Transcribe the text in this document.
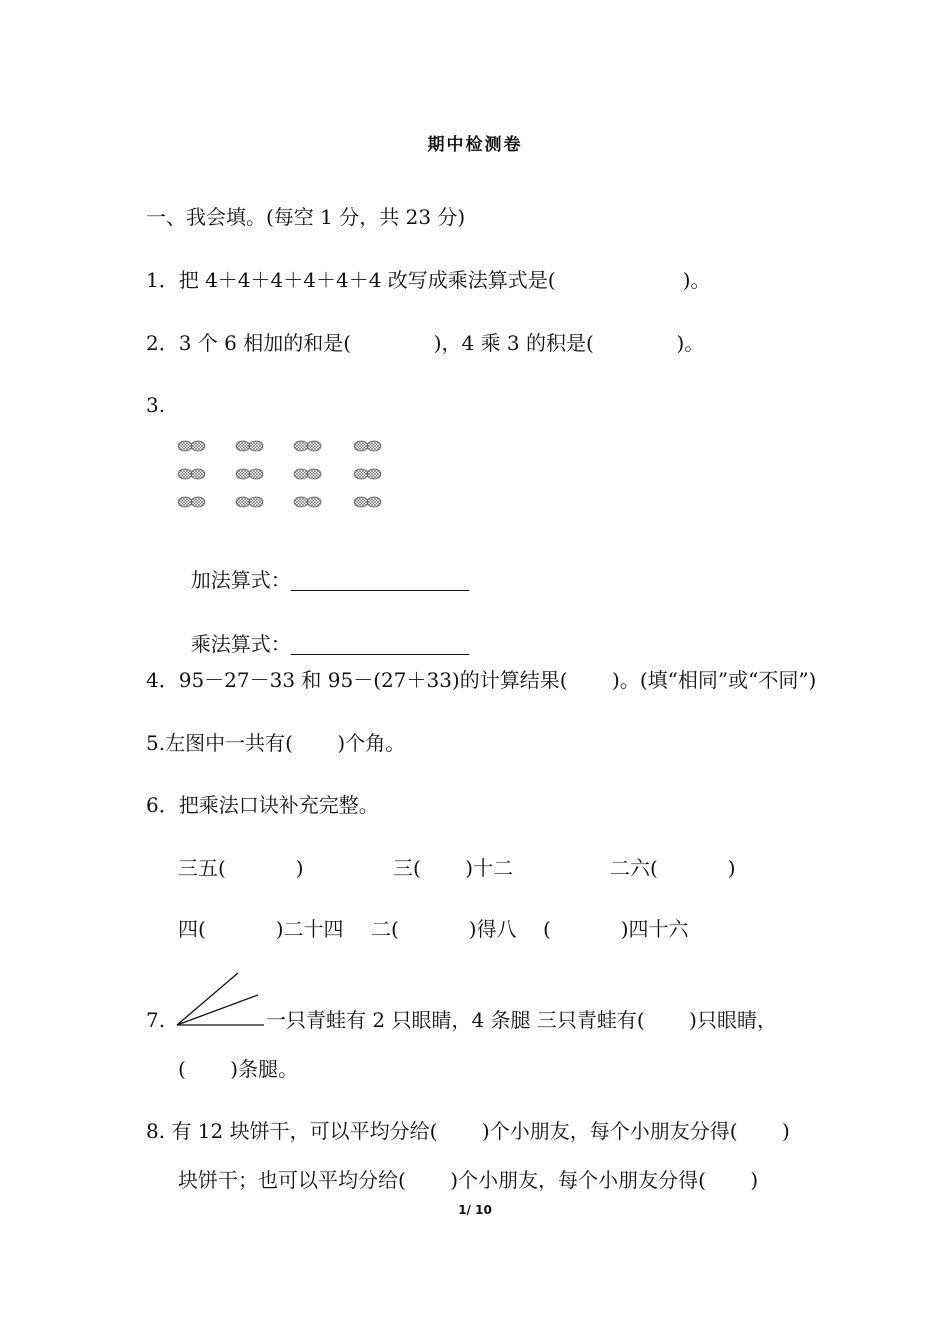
期中检测卷
一、我会填。(每空 1 分，共 23 分)
1．把 4＋4＋4＋4＋4＋4 改写成乘法算式是(                    )。
2．3 个 6 相加的和是(             )，4 乘 3 的积是(             )。
3.

加法算式：

乘法算式：

4．95－27－33 和 95－(27＋33)的计算结果(       )。(填“相同”或“不同”)
5.左图中一共有(       )个角。
6．把乘法口诀补充完整。
三五(           )	三(       )十二	二六(           )
四(           )二十四 二(           )得八 (           )四十六
7.	一只青蛙有 2 只眼睛，4 条腿 三只青蛙有(       )只眼睛，
(       )条腿。
8. 有 12 块饼干，可以平均分给(       )个小朋友，每个小朋友分得(       )
块饼干；也可以平均分给(       )个小朋友，每个小朋友分得(       )
1/ 10
